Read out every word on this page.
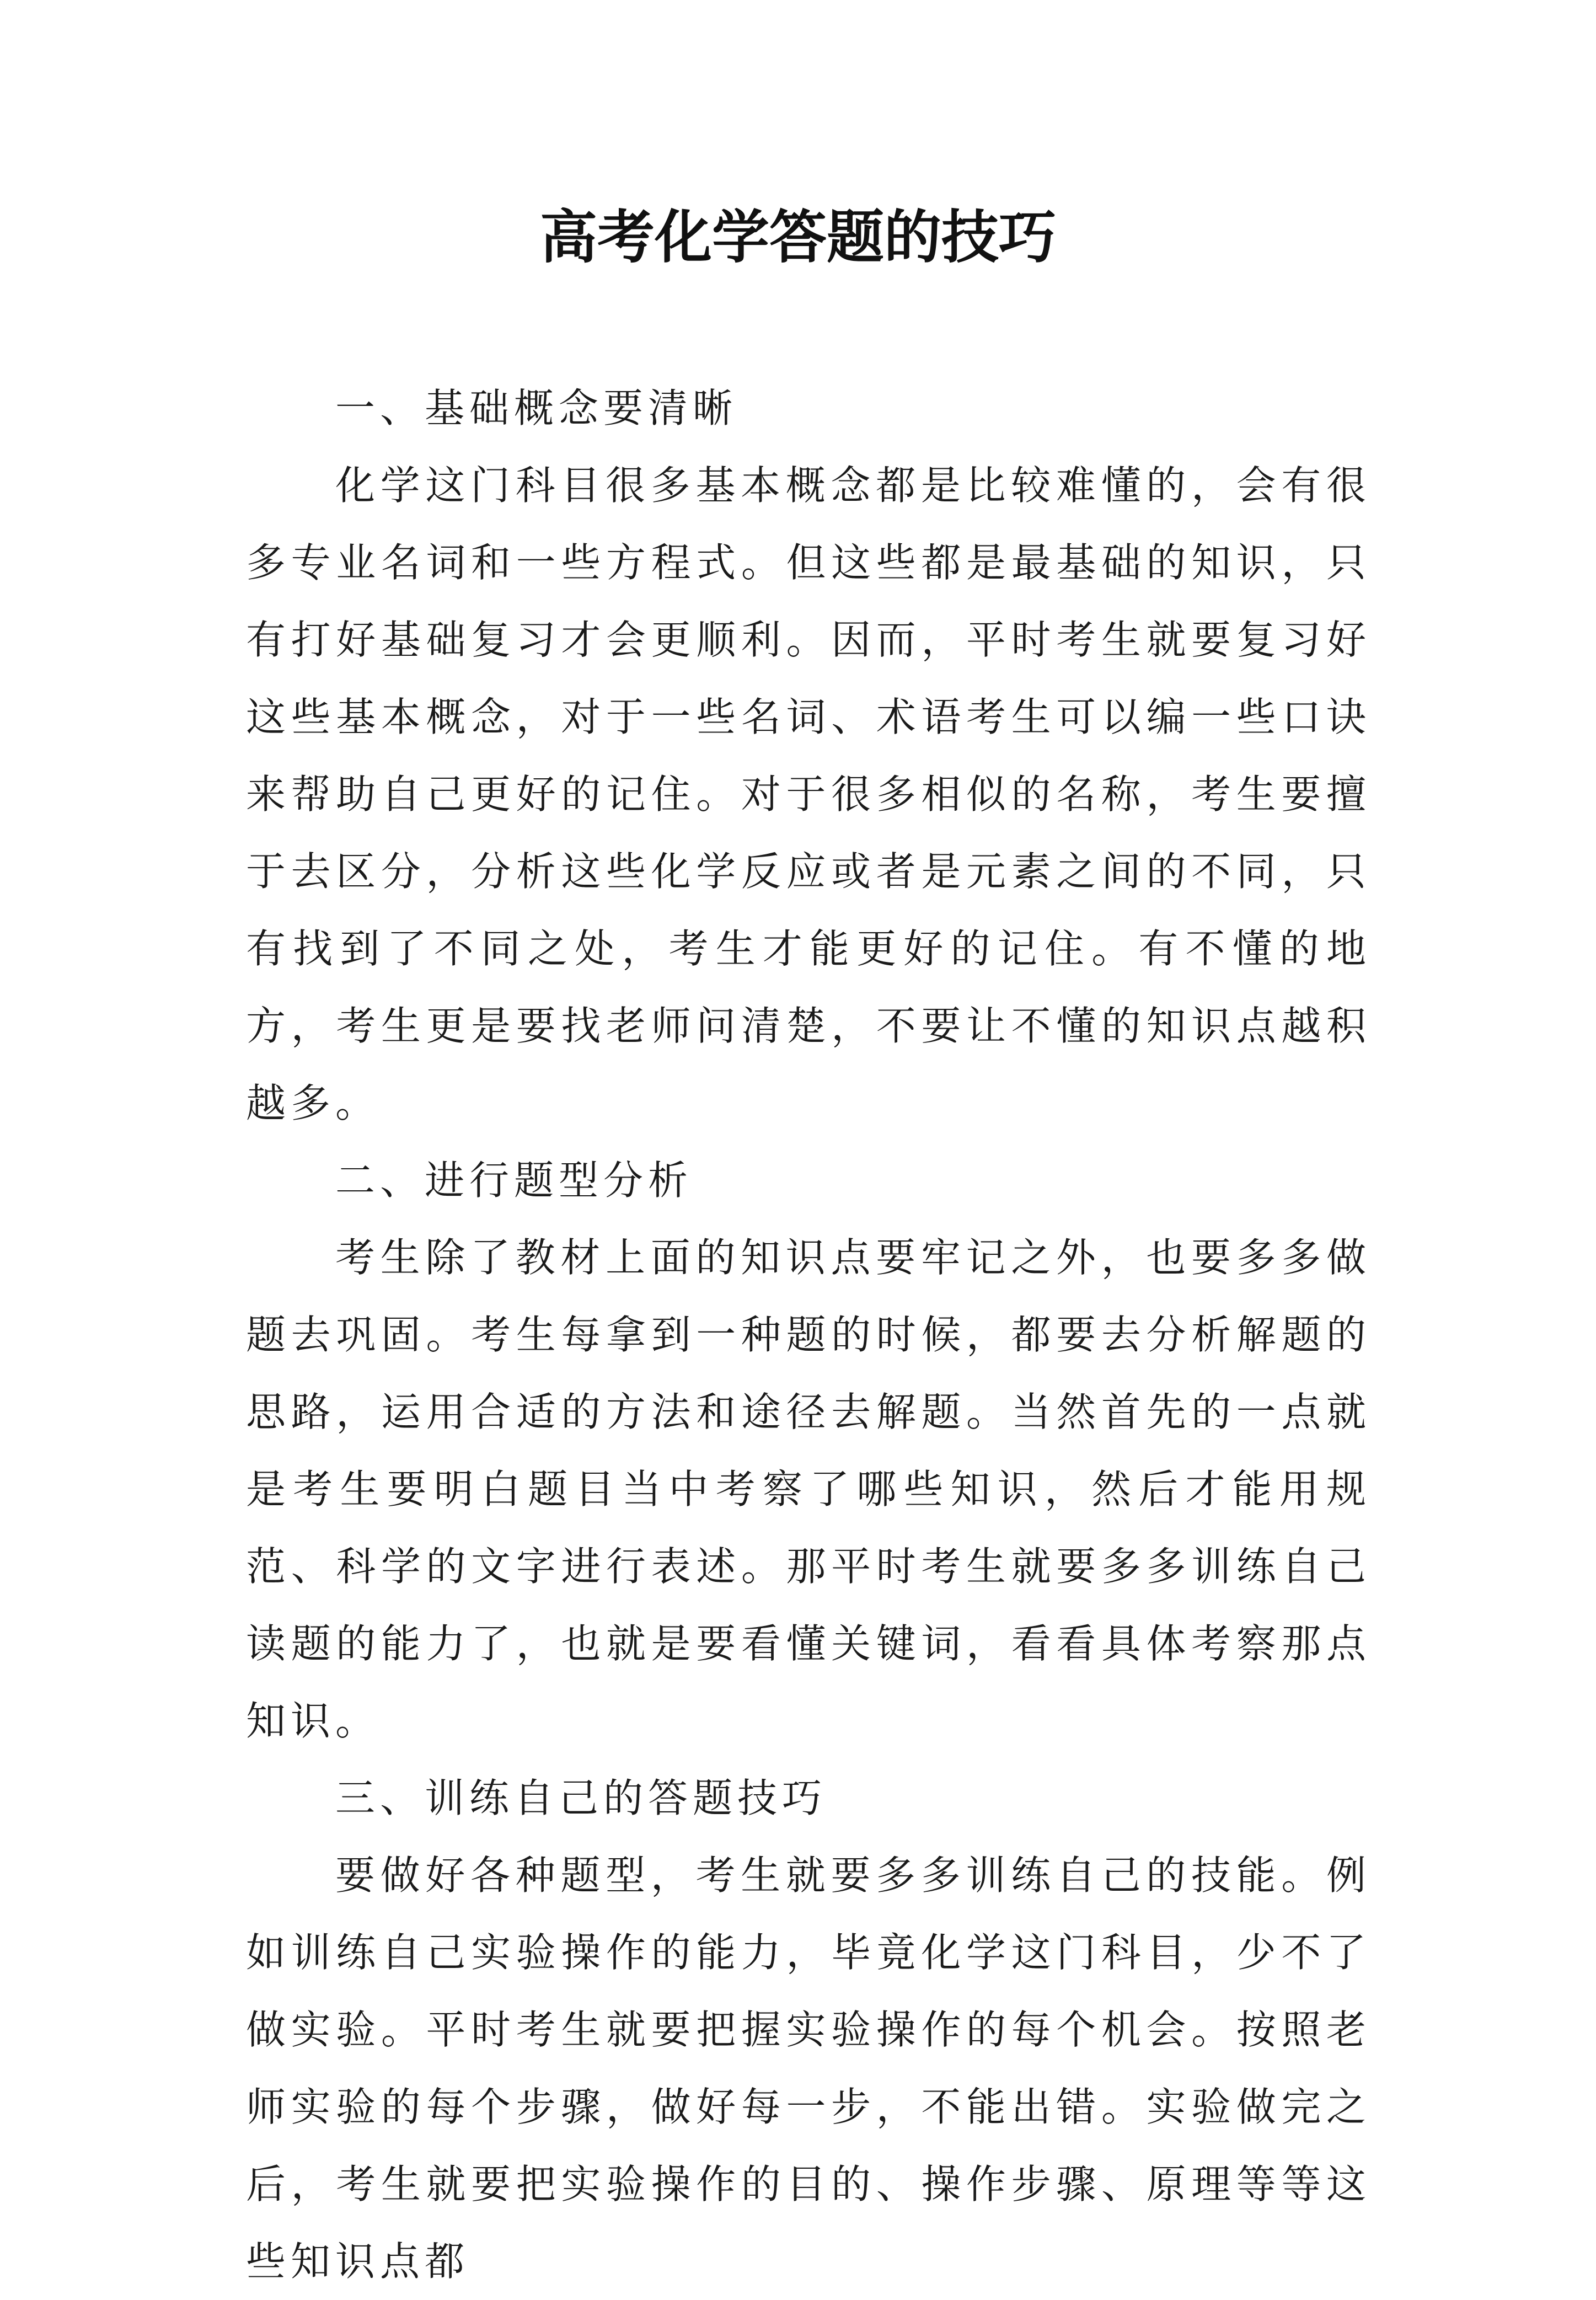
高考化学答题的技巧
一、基础概念要清晰

化学这门科目很多基本概念都是比较难懂的，会有很多专业名词和一些方程式。但这些都是最基础的知识，只有打好基础复习才会更顺利。因而，平时考生就要复习好这些基本概念，对于一些名词、术语考生可以编一些口诀来帮助自己更好的记住。对于很多相似的名称，考生要擅于去区分，分析这些化学反应或者是元素之间的不同，只有找到了不同之处，考生才能更好的记住。有不懂的地方，考生更是要找老师问清楚，不要让不懂的知识点越积越多。

二、进行题型分析

考生除了教材上面的知识点要牢记之外，也要多多做题去巩固。考生每拿到一种题的时候，都要去分析解题的思路，运用合适的方法和途径去解题。当然首先的一点就是考生要明白题目当中考察了哪些知识，然后才能用规范、科学的文字进行表述。那平时考生就要多多训练自己读题的能力了，也就是要看懂关键词，看看具体考察那点知识。

三、训练自己的答题技巧

要做好各种题型，考生就要多多训练自己的技能。例如训练自己实验操作的能力，毕竟化学这门科目，少不了做实验。平时考生就要把握实验操作的每个机会。按照老师实验的每个步骤，做好每一步，不能出错。实验做完之后，考生就要把实验操作的目的、操作步骤、原理等等这些知识点都
